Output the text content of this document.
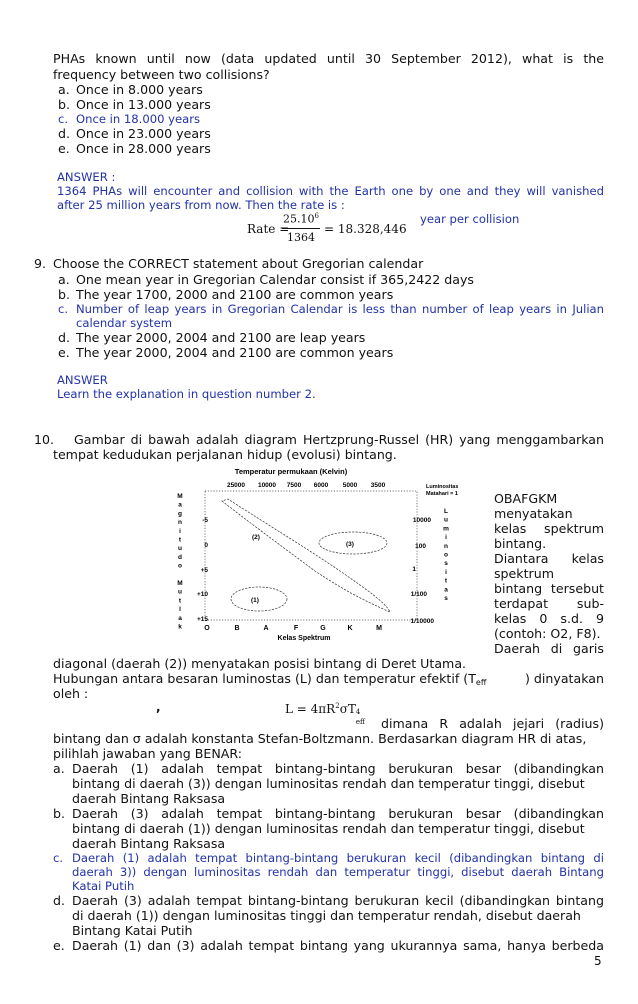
PHAs known until now (data updated until 30 September 2012), what is the
frequency between two collisions?
a. Once in 8.000 years
b. Once in 13.000 years
c. Once in 18.000 years
d. Once in 23.000 years
e. Once in 28.000 years
ANSWER :
1364 PHAs will encounter and collision with the Earth one by one and they will vanished
after 25 million years from now. Then the rate is :
Rate =
$25.10^6$
1364
= 18.328,446
year per collision
9. Choose the CORRECT statement about Gregorian calendar
a. One mean year in Gregorian Calendar consist if 365,2422 days
b. The year 1700, 2000 and 2100 are common years
c. Number of leap years in Gregorian Calendar is less than number of leap years in Julian
calendar system
d. The year 2000, 2004 and 2100 are leap years
e. The year 2000, 2004 and 2100 are common years
ANSWER
Learn the explanation in question number 2.
10. Gambar di bawah adalah diagram Hertzprung-Russel (HR) yang menggambarkan
tempat kedudukan perjalanan hidup (evolusi) bintang.
Temperatur permukaan (Kelvin)
25000 10000 7500 6000 5000 3500	Luminositas
Matahari = 1
M
a
g
n
i
t
u
d
o
M
u
t
l
a
k
-5
0
+5
+10
+15
L
u
m
i
n
o
s
i
t
a
s
10000
100
1
1/100
1/10000
O	B	A	F	G	K	M
Kelas Spektrum
(2)
(3)
(1)
OBAFGKM
menyatakan
kelas spektrum
bintang.
Diantara kelas
spektrum
bintang tersebut
terdapat sub-
kelas 0 s.d. 9
(contoh: O2, F8).
Daerah di garis
diagonal (daerah (2)) menyatakan posisi bintang di Deret Utama.
Hubungan antara besaran luminostas (L) dan temperatur efektif (Teff	) dinyatakan
oleh :
,	$L = 4\pi R^2\sigma T$ 4
eff dimana R adalah jejari (radius)
bintang dan σ adalah konstanta Stefan-Boltzmann. Berdasarkan diagram HR di atas,
pilihlah jawaban yang BENAR:
a. Daerah (1) adalah tempat bintang-bintang berukuran besar (dibandingkan
bintang di daerah (3)) dengan luminositas rendah dan temperatur tinggi, disebut
daerah Bintang Raksasa
b. Daerah (3) adalah tempat bintang-bintang berukuran besar (dibandingkan
bintang di daerah (1)) dengan luminositas rendah dan temperatur tinggi, disebut
daerah Bintang Raksasa
c. Daerah (1) adalah tempat bintang-bintang berukuran kecil (dibandingkan bintang di
daerah 3)) dengan luminositas rendah dan temperatur tinggi, disebut daerah Bintang
Katai Putih
d. Daerah (3) adalah tempat bintang-bintang berukuran kecil (dibandingkan bintang
di daerah (1)) dengan luminositas tinggi dan temperatur rendah, disebut daerah
Bintang Katai Putih
e. Daerah (1) dan (3) adalah tempat bintang yang ukurannya sama, hanya berbeda
5
